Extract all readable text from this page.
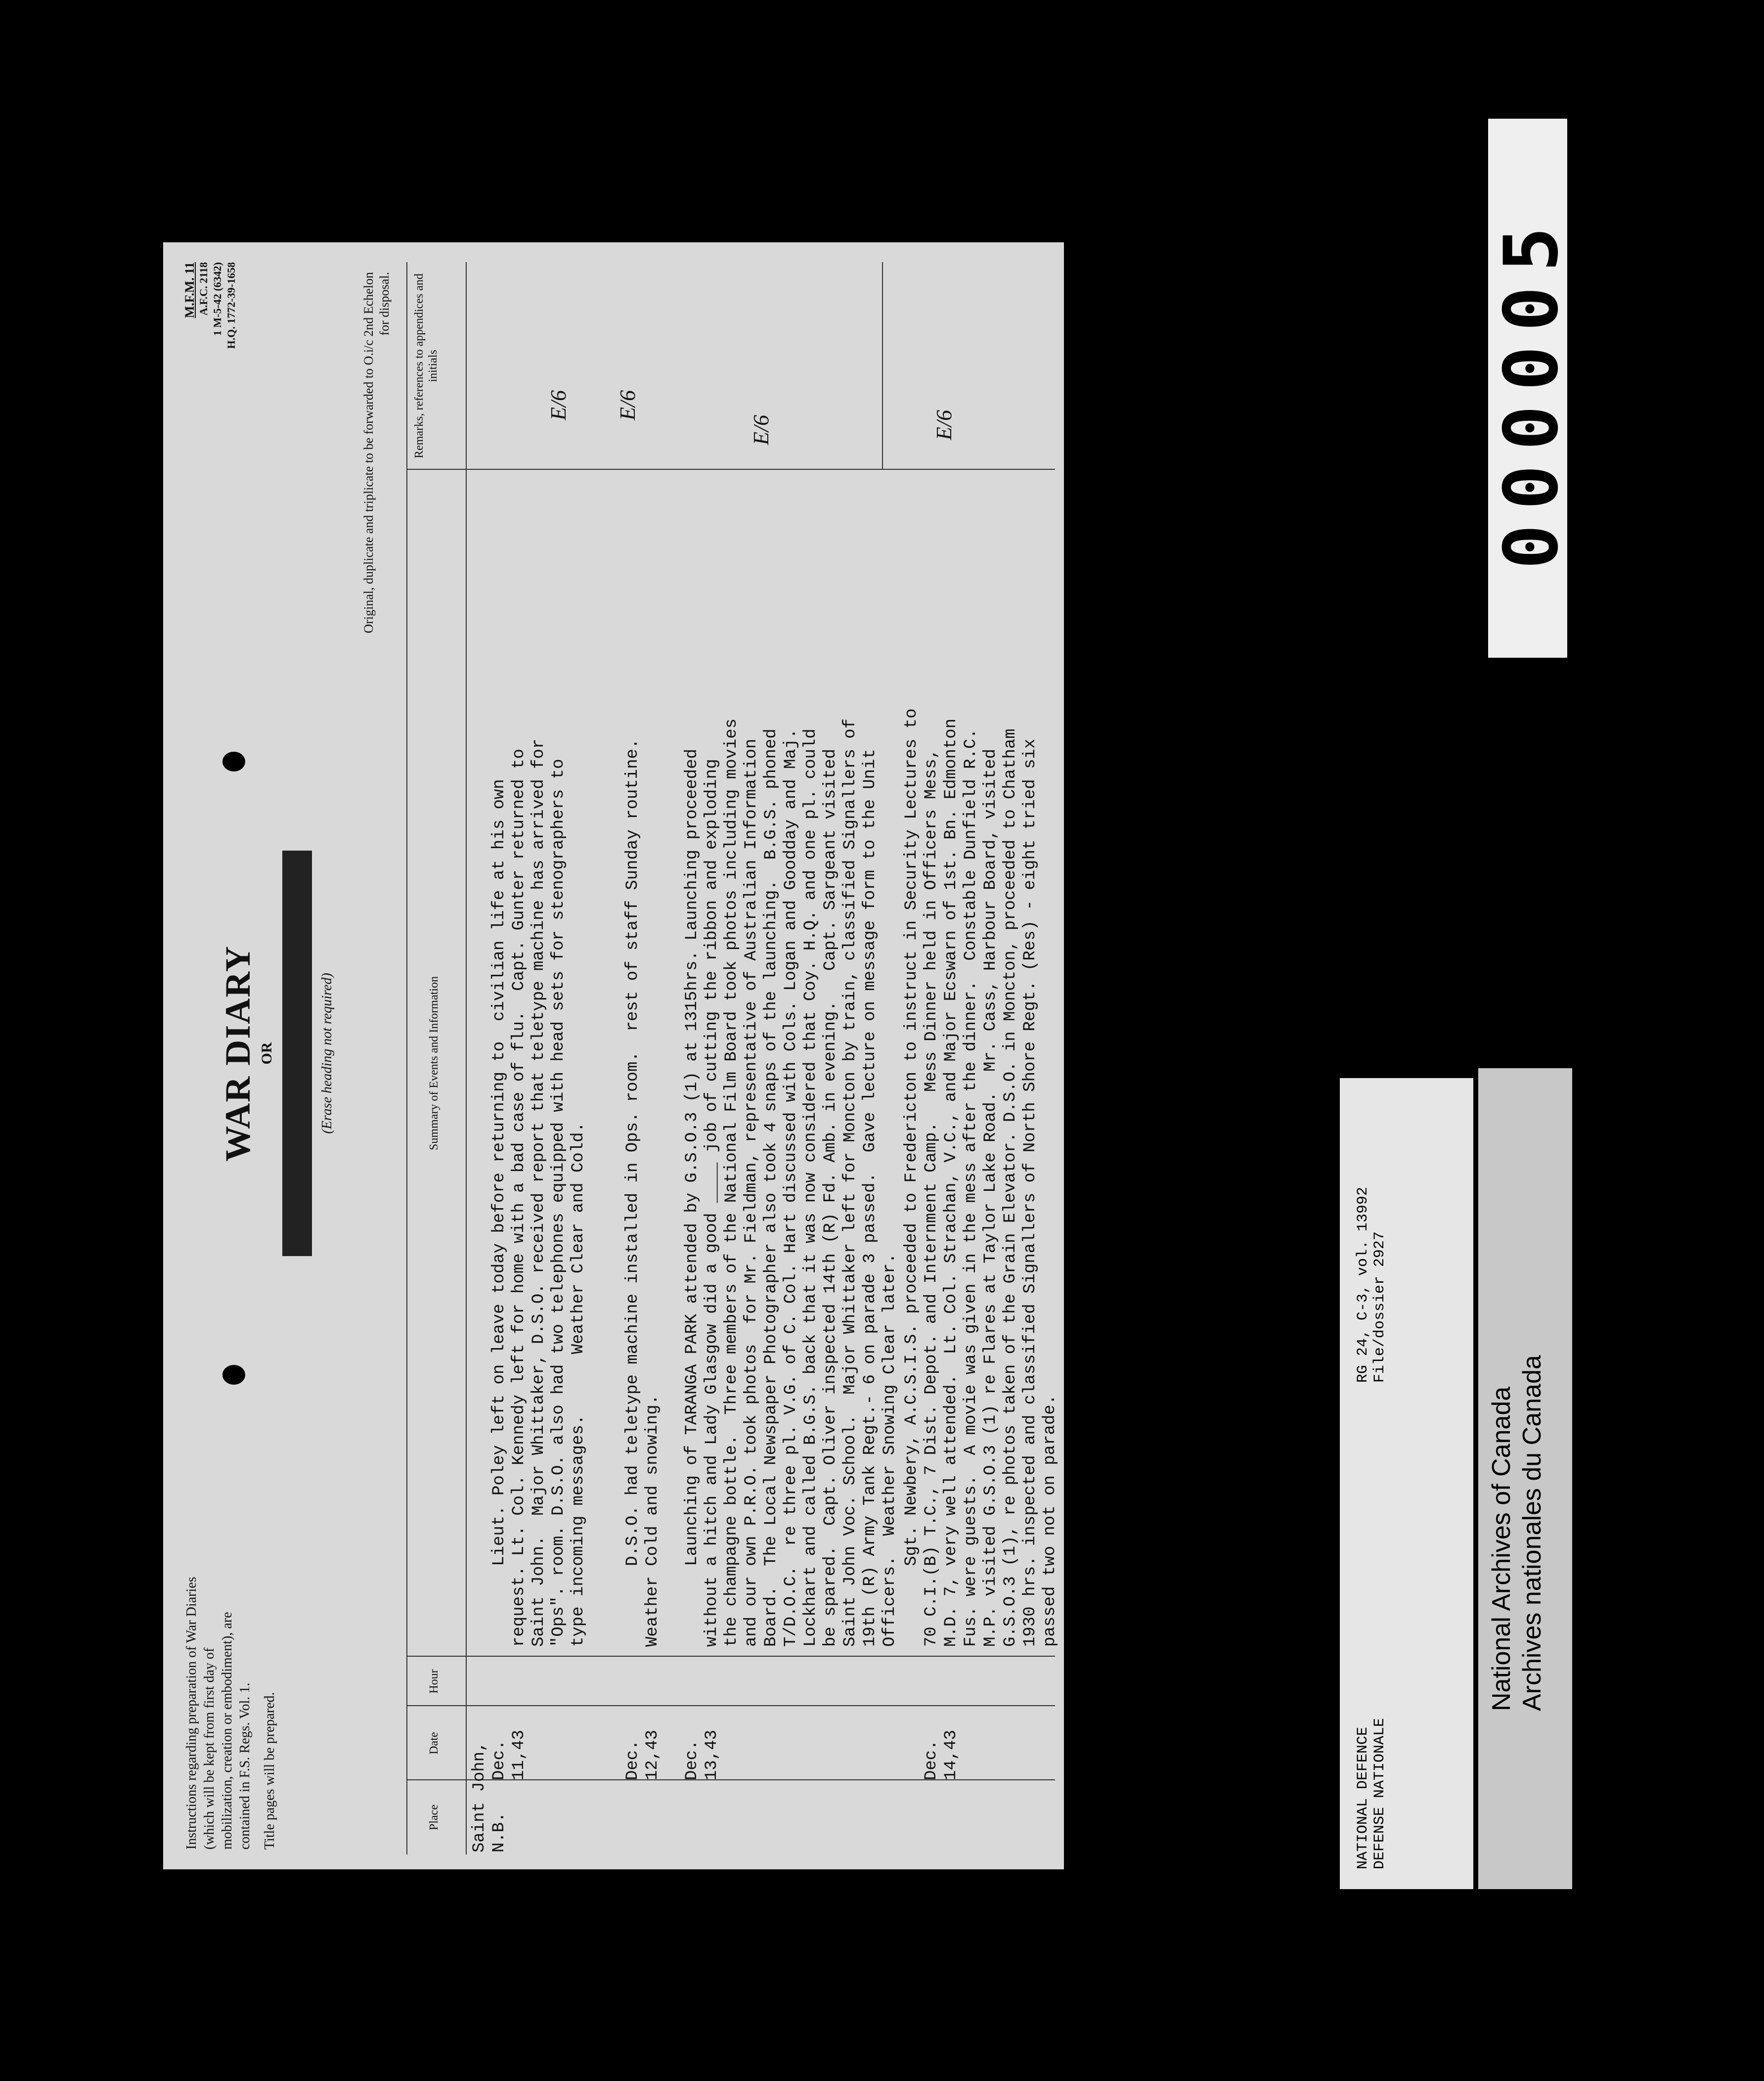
000005
NATIONAL DEFENCE DEFENSE NATIONALE
RG 24, C-3, vol. 13992 File/dossier 2927
National Archives of Canada Archives nationales du Canada
Instructions regarding preparation of War Diaries (which will be kept from first day of mobilization, creation or embodiment), are contained in F.S. Regs. Vol. 1. Title pages will be prepared.
M.F.M. 11 A.F.C. 2118 1 M-5-42 (6342) H.Q. 1772-39-1658
WAR DIARY OR	(Erase heading not required)
Original, duplicate and triplicate to be forwarded to O.i/c 2nd Echelon for disposal.
Place
Date
Hour
Summary of Events and Information
Remarks, references to appendices and initials
Saint John,
N.B.
Dec. 11,43
Lieut. Poley left on leave today before returning to  civilian life at his own
request. Lt. Col. Kennedy left for home with a bad case of flu.  Capt. Gunter returned to
Saint John.  Major Whittaker, D.S.O. received report that teletype machine has arrived for
"Ops". room. D.S.O. also had two telephones equipped with head sets for stenographers to
type incoming messages.      Weather Clear and Cold.
E/6
Dec. 12,43
D.S.O. had teletype machine installed in Ops. room.  rest of staff Sunday routine.
Weather Cold and snowing.
E/6
Dec. 13,43
Launching of TARANGA PARK attended by G.S.O.3 (1) at 1315hrs. Launching proceeded
without a hitch and Lady Glasgow did a good ____ job of cutting the ribbon and exploding
the champagne bottle.  Three members of the National Film Board took photos including movies
and our own P.R.O. took photos  for Mr. Fieldman, representative of Australian Information
Board.  The Local Newspaper Photographer also took 4 snaps of the launching.  B.G.S. phoned
T/D.O.C.  re three pl. V.G. of C. Col. Hart discussed with Cols. Logan and Goodday and Maj.
Lockhart and called B.G.S. back that it was now considered that Coy. H.Q. and one pl. could
be spared.  Capt. Oliver inspected 14th (R) Fd. Amb. in evening.   Capt. Sargeant visited
Saint John Voc. School.  Major Whittaker left for Moncton by train, classified Signallers of
19th (R) Army Tank Regt.- 6 on parade 3 passed.  Gave lecture on message form to the Unit
Officers.  Weather Snowing Clear later.
E/6
Dec. 14,43
Sgt. Newbery, A.C.S.I.S. proceeded to Fredericton to instruct in Security Lectures to
70 C.I.(B) T.C., 7 Dist. Depot. and Internment Camp.   Mess Dinner held in Officers Mess,
M.D. 7, very well attended.  Lt. Col. Strachan, V.C., and Major Ecswarn of 1st. Bn. Edmonton
Fus. were guests.  A movie was given in the mess after the dinner.  Constable Dunfield R.C.
M.P. visited G.S.O.3 (1) re Flares at Taylor Lake Road.  Mr. Cass, Harbour Board, visited
G.S.O.3 (1), re photos taken of the Grain Elevator. D.S.O. in Moncton, proceeded to Chatham
1930 hrs. inspected and classified Signallers of North Shore Regt. (Res) - eight tried six
passed two not on parade.
E/6
